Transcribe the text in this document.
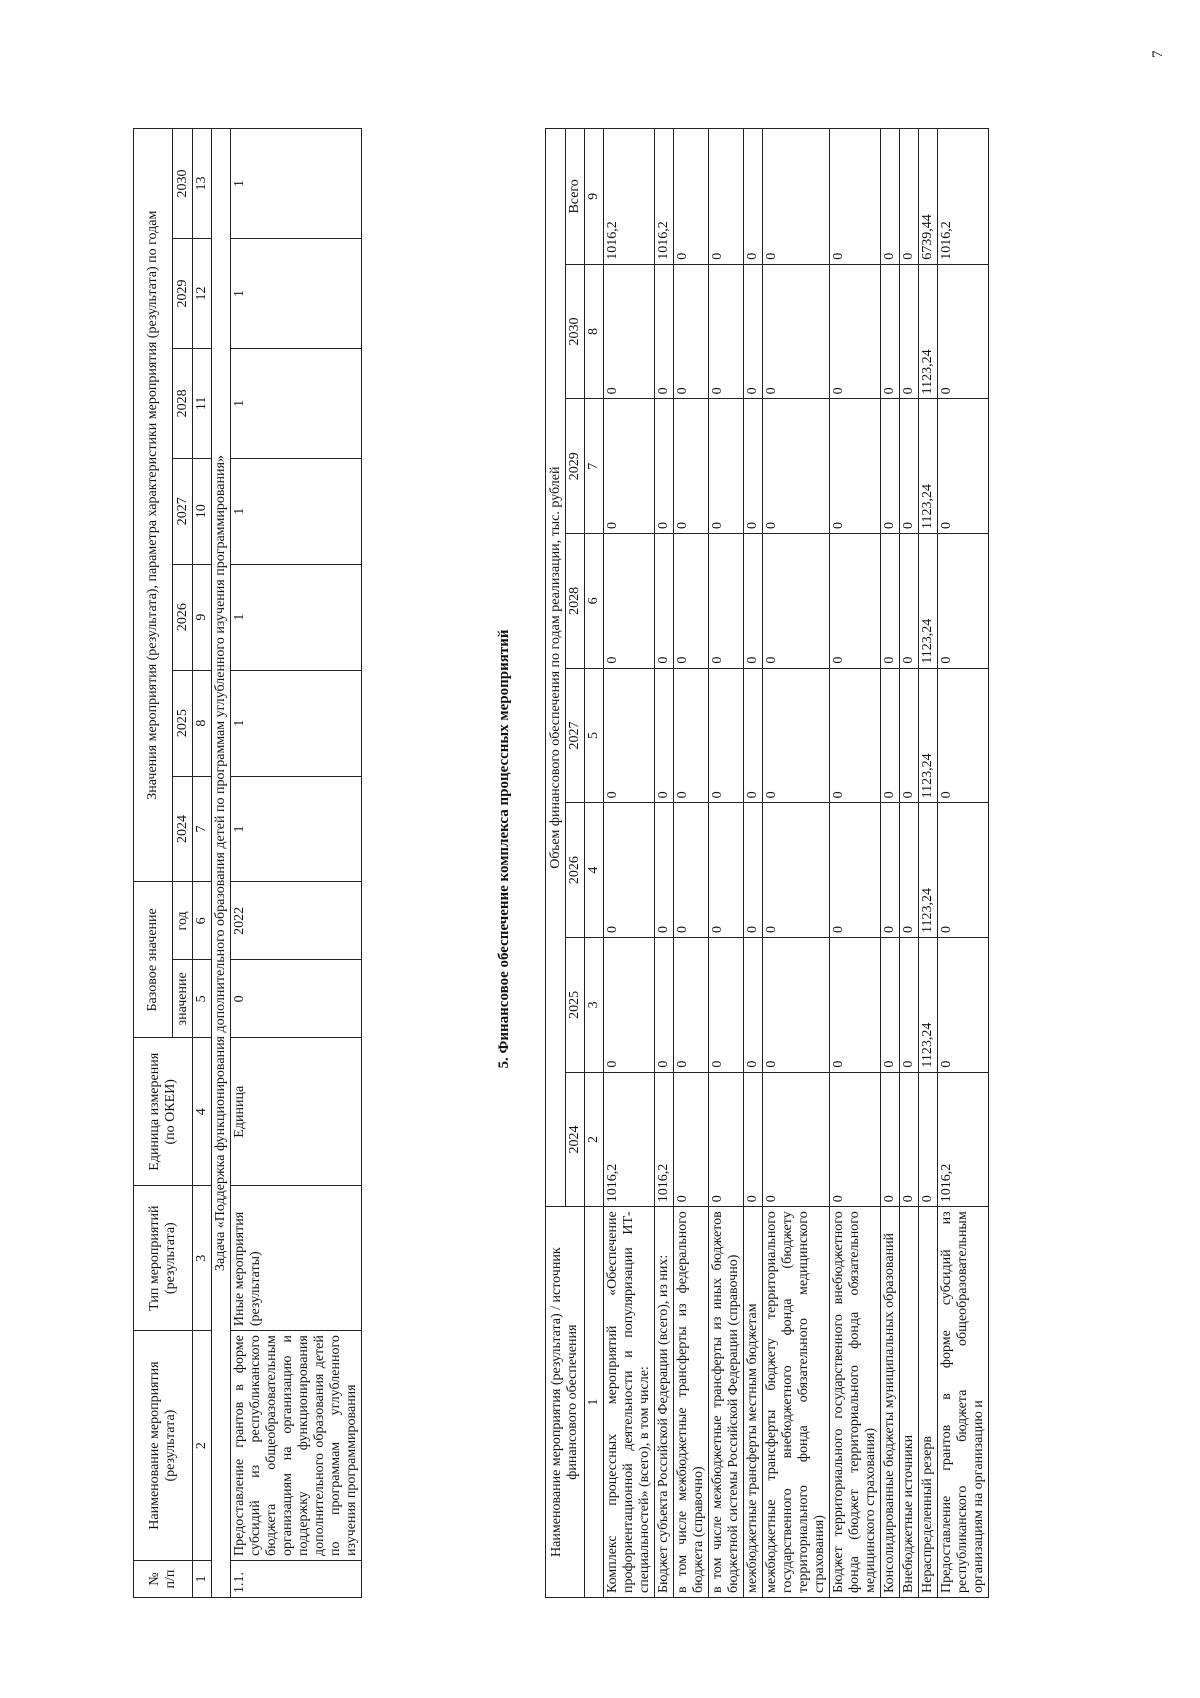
№ п/п	Наименование мероприятия (результата)	Тип мероприятий (результата)	Единица измерения (по ОКЕИ)	Базовое значение		Значения мероприятия (результата), параметра характеристики мероприятия (результата) по годам						
				значение	год	2024	2025	2026	2027	2028	2029	2030
1	2	3	4	5	6	7	8	9	10	11	12	13
Задача «Поддержка функционирования дополнительного образования детей по программам углубленного изучения программирования»												
1.1.	Предоставление грантов в форме субсидий из республиканского бюджета общеобразовательным организациям на организацию и поддержку функционирования дополнительного образования детей по программам углубленного изучения программирования	Иные мероприятия (результаты)	Единица	0	2022	1	1	1	1	1	1	1
5. Финансовое обеспечение комплекса процессных мероприятий
Наименование мероприятия (результата) / источник финансового обеспечения	Объем финансового обеспечения по годам реализации, тыс. рублей							
	2024	2025	2026	2027	2028	2029	2030	Всего
1	2	3	4	5	6	7	8	9
Комплекс процессных мероприятий «Обеспечение профориентационной деятельности и популяризации ИТ-специальностей» (всего), в том числе:	1016,2	0	0	0	0	0	0	1016,2
Бюджет субъекта Российской Федерации (всего), из них:	1016,2	0	0	0	0	0	0	1016,2
в том числе межбюджетные трансферты из федерального бюджета (справочно)	0	0	0	0	0	0	0	0
в том числе межбюджетные трансферты из иных бюджетов бюджетной системы Российской Федерации (справочно)	0	0	0	0	0	0	0	0
межбюджетные трансферты местным бюджетам	0	0	0	0	0	0	0	0
межбюджетные трансферты бюджету территориального государственного внебюджетного фонда (бюджету территориального фонда обязательного медицинского страхования)	0	0	0	0	0	0	0	0
Бюджет территориального государственного внебюджетного фонда (бюджет территориального фонда обязательного медицинского страхования)	0	0	0	0	0	0	0	0
Консолидированные бюджеты муниципальных образований	0	0	0	0	0	0	0	0
Внебюджетные источники	0	0	0	0	0	0	0	0
Нераспределенный резерв	0	1123,24	1123,24	1123,24	1123,24	1123,24	1123,24	6739,44
Предоставление грантов в форме субсидий из республиканского бюджета общеобразовательным организациям на организацию и	1016,2	0	0	0	0	0	0	1016,2
7
